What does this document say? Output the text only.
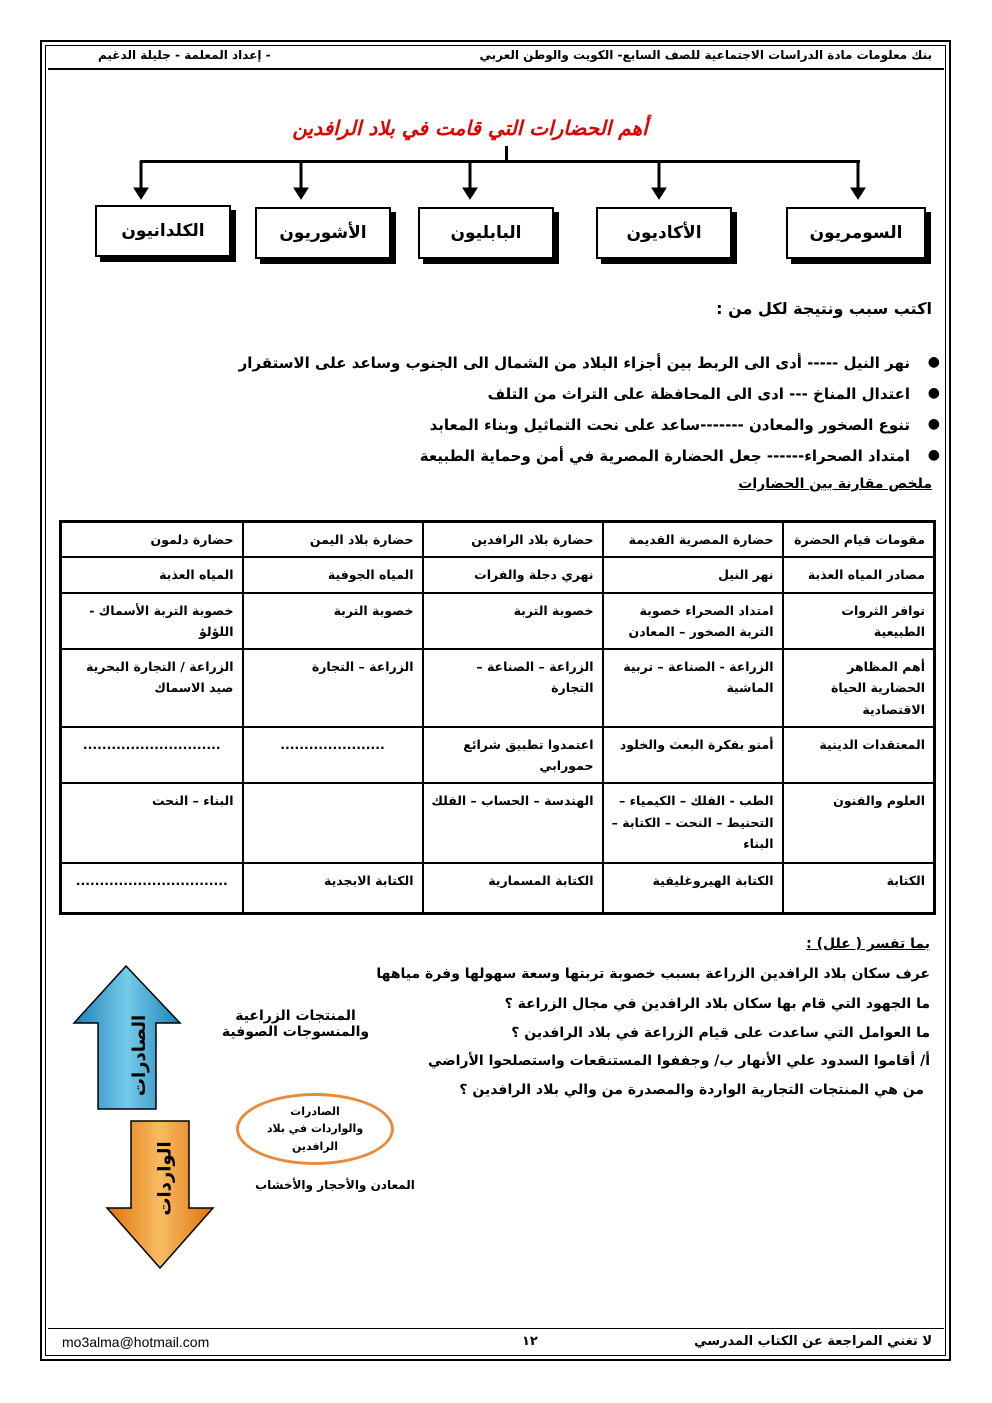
بنك معلومات مادة الدراسات الاجتماعية للصف السابع- الكويت والوطن العربي
- إعداد المعلمة - جليلة الدغيم
أهم الحضارات التي قامت في بلاد الرافدين
السومريون
الأكاديون
البابليون
الأشوريون
الكلدانيون
اكتب سبب ونتيجة لكل من :
●
نهر النيل ----- أدى الى الربط بين أجزاء البلاد من الشمال الى الجنوب وساعد على الاستقرار
●
اعتدال المناخ --- ادى الى المحافظة على التراث من التلف
●
تنوع الصخور والمعادن -------ساعد على نحت التماثيل وبناء المعابد
●
امتداد الصحراء------ جعل الحضارة المصرية في أمن وحماية الطبيعة
ملخص مقارنة بين الحضارات
مقومات قيام الحضرة	حضارة المصرية القديمة	حضارة بلاد الرافدين	حضارة بلاد اليمن	حضارة دلمون
مصادر المياه العذبة	نهر النيل	نهري دجلة والفرات	المياه الجوفية	المياه العذبة
توافر الثروات الطبيعية	امتداد الصحراء خصوبة التربة الصخور – المعادن	خصوبة التربة	خصوبة التربة	خصوبة التربة الأسماك - اللؤلؤ
أهم المظاهر الحضارية الحياة الاقتصادية	الزراعة - الصناعة – تربية الماشية	الزراعة – الصناعة – التجارة	الزراعة – التجارة	الزراعة / التجارة البحرية صيد الاسماك
المعتقدات الدينية	أمنو بفكرة البعث والخلود	اعتمدوا تطبيق شرائع حمورابي	......................	.............................
العلوم والفنون	الطب - الفلك – الكيمياء – التحنيط – النحت – الكتابة – البناء	الهندسة – الحساب – الفلك		البناء – النحت
الكتابة	الكتابة الهيروغليفية	الكتابة المسمارية	الكتابة الابجدية	................................
بما تفسر ( علل) :
عرف سكان بلاد الرافدين الزراعة بسبب خصوبة تربتها وسعة سهولها وفرة مياهها
ما الجهود التي قام بها سكان بلاد الرافدين في مجال الزراعة ؟
ما العوامل التي ساعدت على قيام الزراعة في بلاد الرافدين ؟
أ/ أقاموا السدود علي الأنهار ب/ وجففوا المستنقعات واستصلحوا الأراضي
من هي المنتجات التجارية الواردة والمصدرة من والي بلاد الرافدين ؟
الصادرات
الواردات
المنتجات الزراعية والمنسوجات الصوفية
الصادرات والواردات في بلاد الرافدين
المعادن والأحجار والأخشاب
لا تغني المراجعة عن الكتاب المدرسي
١٢
mo3alma@hotmail.com
